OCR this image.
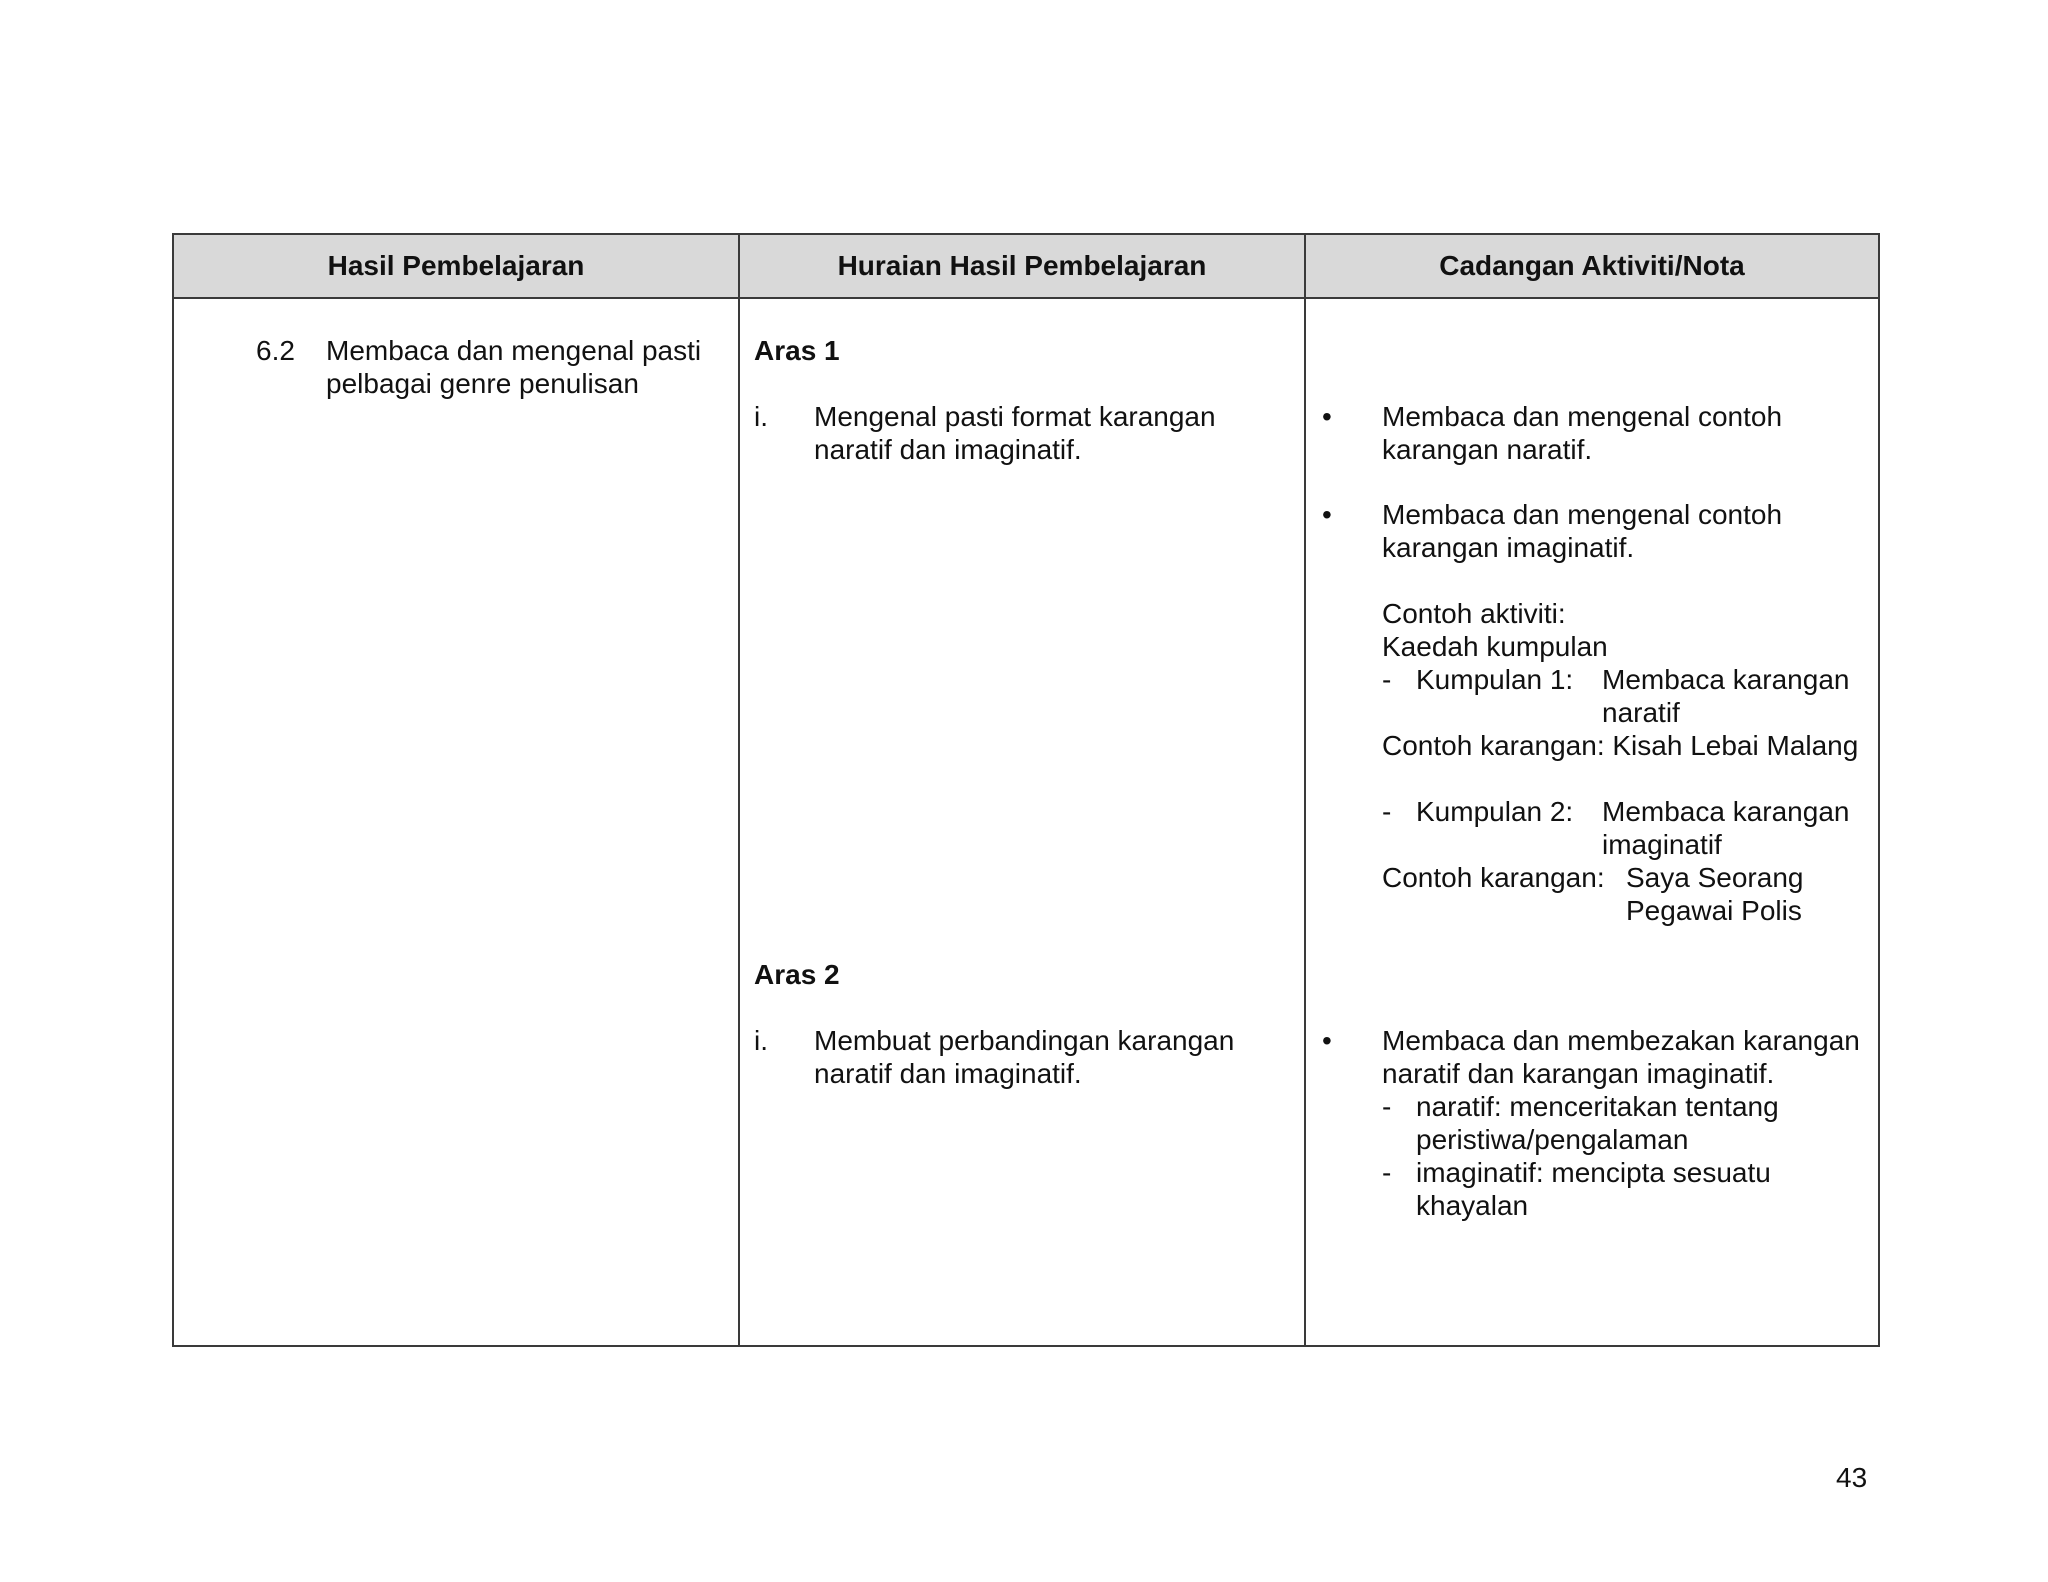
Hasil Pembelajaran	Huraian Hasil Pembelajaran	Cadangan Aktiviti/Nota
6.2 Membaca dan mengenal pasti
pelbagai genre penulisan
Aras 1
i. Mengenal pasti format karangan
naratif dan imaginatif.
Aras 2
i. Membuat perbandingan karangan
naratif dan imaginatif.
• Membaca dan mengenal contoh
karangan naratif.
• Membaca dan mengenal contoh
karangan imaginatif.
Contoh aktiviti:
Kaedah kumpulan
- Kumpulan 1: Membaca karangan
naratif
Contoh karangan: Kisah Lebai Malang
- Kumpulan 2: Membaca karangan
imaginatif
Contoh karangan: Saya Seorang
Pegawai Polis
• Membaca dan membezakan karangan
naratif dan karangan imaginatif.
- naratif: menceritakan tentang
peristiwa/pengalaman
- imaginatif: mencipta sesuatu
khayalan
43
